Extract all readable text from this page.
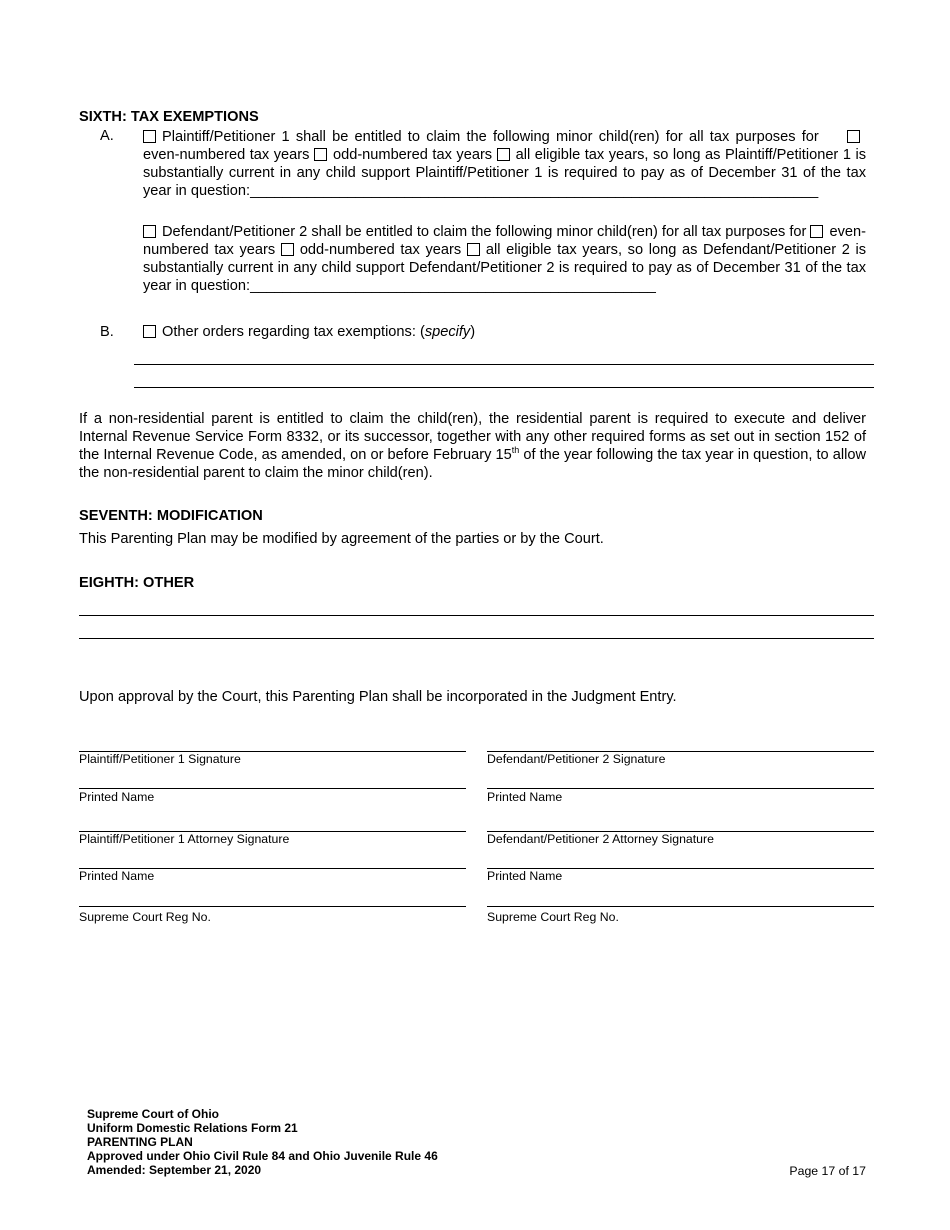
SIXTH: TAX EXEMPTIONS
A.	Plaintiff/Petitioner 1 shall be entitled to claim the following minor child(ren) for all tax purposes for even-numbered tax years odd-numbered tax years all eligible tax years, so long as Plaintiff/Petitioner 1 is substantially current in any child support Plaintiff/Petitioner 1 is required to pay as of December 31 of the tax year in question:______________________________________________________________________
Defendant/Petitioner 2 shall be entitled to claim the following minor child(ren) for all tax purposes for even-numbered tax years odd-numbered tax years all eligible tax years, so long as Defendant/Petitioner 2 is substantially current in any child support Defendant/Petitioner 2 is required to pay as of December 31 of the tax year in question:__________________________________________________
B.	Other orders regarding tax exemptions: (specify)
If a non-residential parent is entitled to claim the child(ren), the residential parent is required to execute and deliver Internal Revenue Service Form 8332, or its successor, together with any other required forms as set out in section 152 of the Internal Revenue Code, as amended, on or before February 15th of the year following the tax year in question, to allow the non-residential parent to claim the minor child(ren).
SEVENTH: MODIFICATION
This Parenting Plan may be modified by agreement of the parties or by the Court.
EIGHTH: OTHER
Upon approval by the Court, this Parenting Plan shall be incorporated in the Judgment Entry.
Plaintiff/Petitioner 1 Signature
Printed Name
Plaintiff/Petitioner 1 Attorney Signature
Printed Name
Supreme Court Reg No.
Defendant/Petitioner 2 Signature
Printed Name
Defendant/Petitioner 2 Attorney Signature
Printed Name
Supreme Court Reg No.
Supreme Court of Ohio
Uniform Domestic Relations Form 21
PARENTING PLAN
Approved under Ohio Civil Rule 84 and Ohio Juvenile Rule 46
Amended: September 21, 2020	Page 17 of 17
